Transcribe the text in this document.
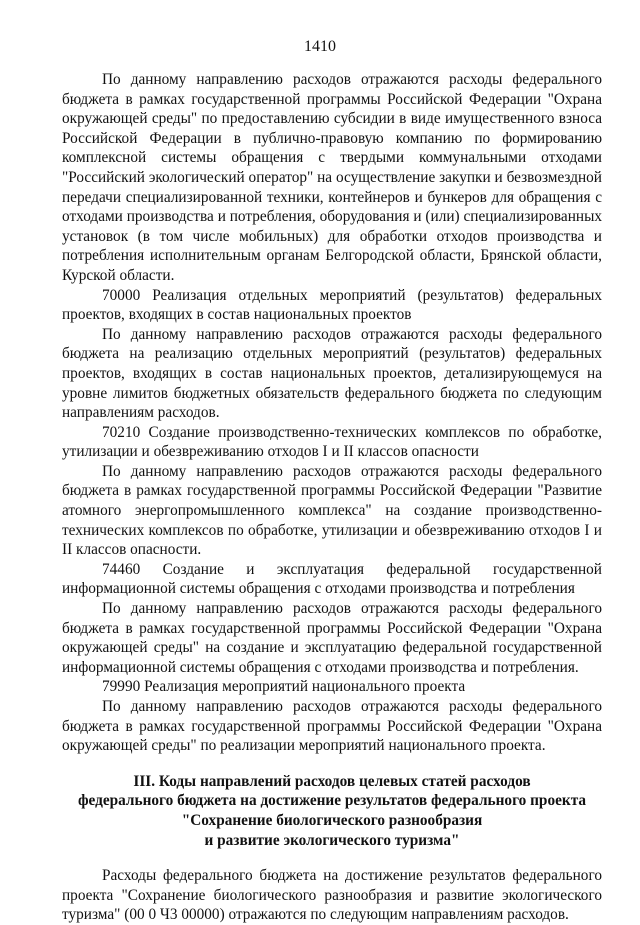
1410

По данному направлению расходов отражаются расходы федерального бюджета в рамках государственной программы Российской Федерации "Охрана окружающей среды" по предоставлению субсидии в виде имущественного взноса Российской Федерации в публично-правовую компанию по формированию комплексной системы обращения с твердыми коммунальными отходами "Российский экологический оператор" на осуществление закупки и безвозмездной передачи специализированной техники, контейнеров и бункеров для обращения с отходами производства и потребления, оборудования и (или) специализированных установок (в том числе мобильных) для обработки отходов производства и потребления исполнительным органам Белгородской области, Брянской области, Курской области.

70000 Реализация отдельных мероприятий (результатов) федеральных проектов, входящих в состав национальных проектов

По данному направлению расходов отражаются расходы федерального бюджета на реализацию отдельных мероприятий (результатов) федеральных проектов, входящих в состав национальных проектов, детализирующемуся на уровне лимитов бюджетных обязательств федерального бюджета по следующим направлениям расходов.

70210 Создание производственно-технических комплексов по обработке, утилизации и обезвреживанию отходов I и II классов опасности

По данному направлению расходов отражаются расходы федерального бюджета в рамках государственной программы Российской Федерации "Развитие атомного энергопромышленного комплекса" на создание производственно-технических комплексов по обработке, утилизации и обезвреживанию отходов I и II классов опасности.

74460 Создание и эксплуатация федеральной государственной информационной системы обращения с отходами производства и потребления

По данному направлению расходов отражаются расходы федерального бюджета в рамках государственной программы Российской Федерации "Охрана окружающей среды" на создание и эксплуатацию федеральной государственной информационной системы обращения с отходами производства и потребления.

79990 Реализация мероприятий национального проекта

По данному направлению расходов отражаются расходы федерального бюджета в рамках государственной программы Российской Федерации "Охрана окружающей среды" по реализации мероприятий национального проекта.

III. Коды направлений расходов целевых статей расходов
федерального бюджета на достижение результатов федерального проекта
"Сохранение биологического разнообразия
и развитие экологического туризма"

Расходы федерального бюджета на достижение результатов федерального проекта "Сохранение биологического разнообразия и развитие экологического туризма" (00 0 Ч3 00000) отражаются по следующим направлениям расходов.
